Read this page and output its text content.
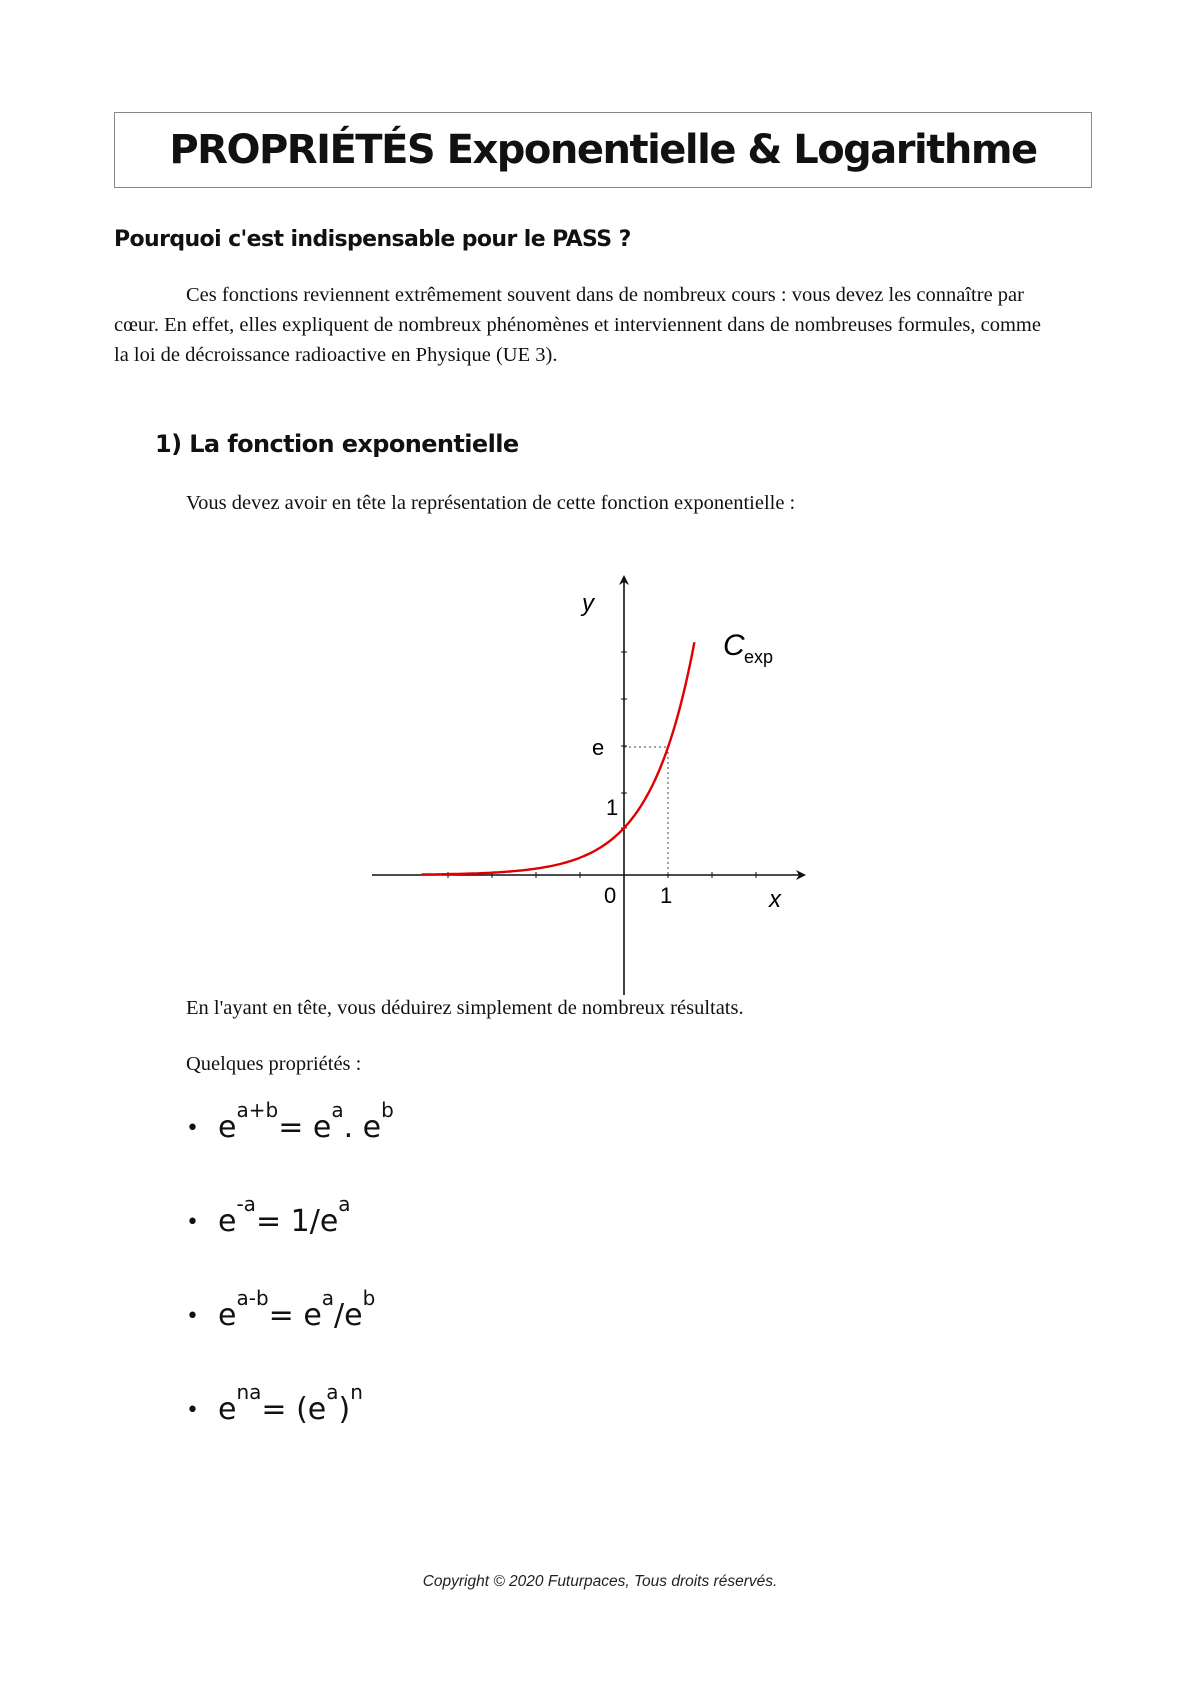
PROPRIÉTÉS Exponentielle & Logarithme
Pourquoi c'est indispensable pour le PASS ?

Ces fonctions reviennent extrêmement souvent dans de nombreux cours : vous devez les connaître par cœur. En effet, elles expliquent de nombreux phénomènes et interviennent dans de nombreuses formules, comme la loi de décroissance radioactive en Physique (UE 3).

1) La fonction exponentielle

Vous devez avoir en tête la représentation de cette fonction exponentielle :

y
x
C exp
e
1
0 1

En l'ayant en tête, vous déduirez simplement de nombreux résultats.

Quelques propriétés :

• e a+b = e a . e b
• e -a = 1/e a
• e a-b = e a /e b
• e na = (e a ) n

Copyright © 2020 Futurpaces, Tous droits réservés.
